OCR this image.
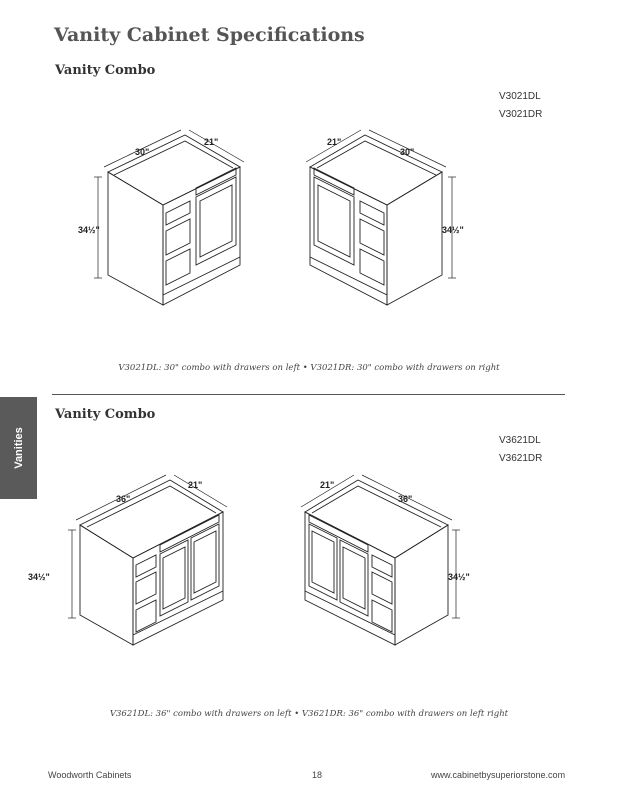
Vanity Cabinet Specifications
Vanity Combo
V3021DL
V3021DR
30"
21"
34½"
21"
30"
34½"
V3021DL: 30" combo with drawers on left • V3021DR: 30" combo with drawers on right
Vanities
Vanity Combo
V3621DL
V3621DR
36"
21"
34½"
21"
36"
34½"
V3621DL: 36" combo with drawers on left • V3621DR: 36" combo with drawers on left right
Woodworth Cabinets	18	www.cabinetbysuperiorstone.com
